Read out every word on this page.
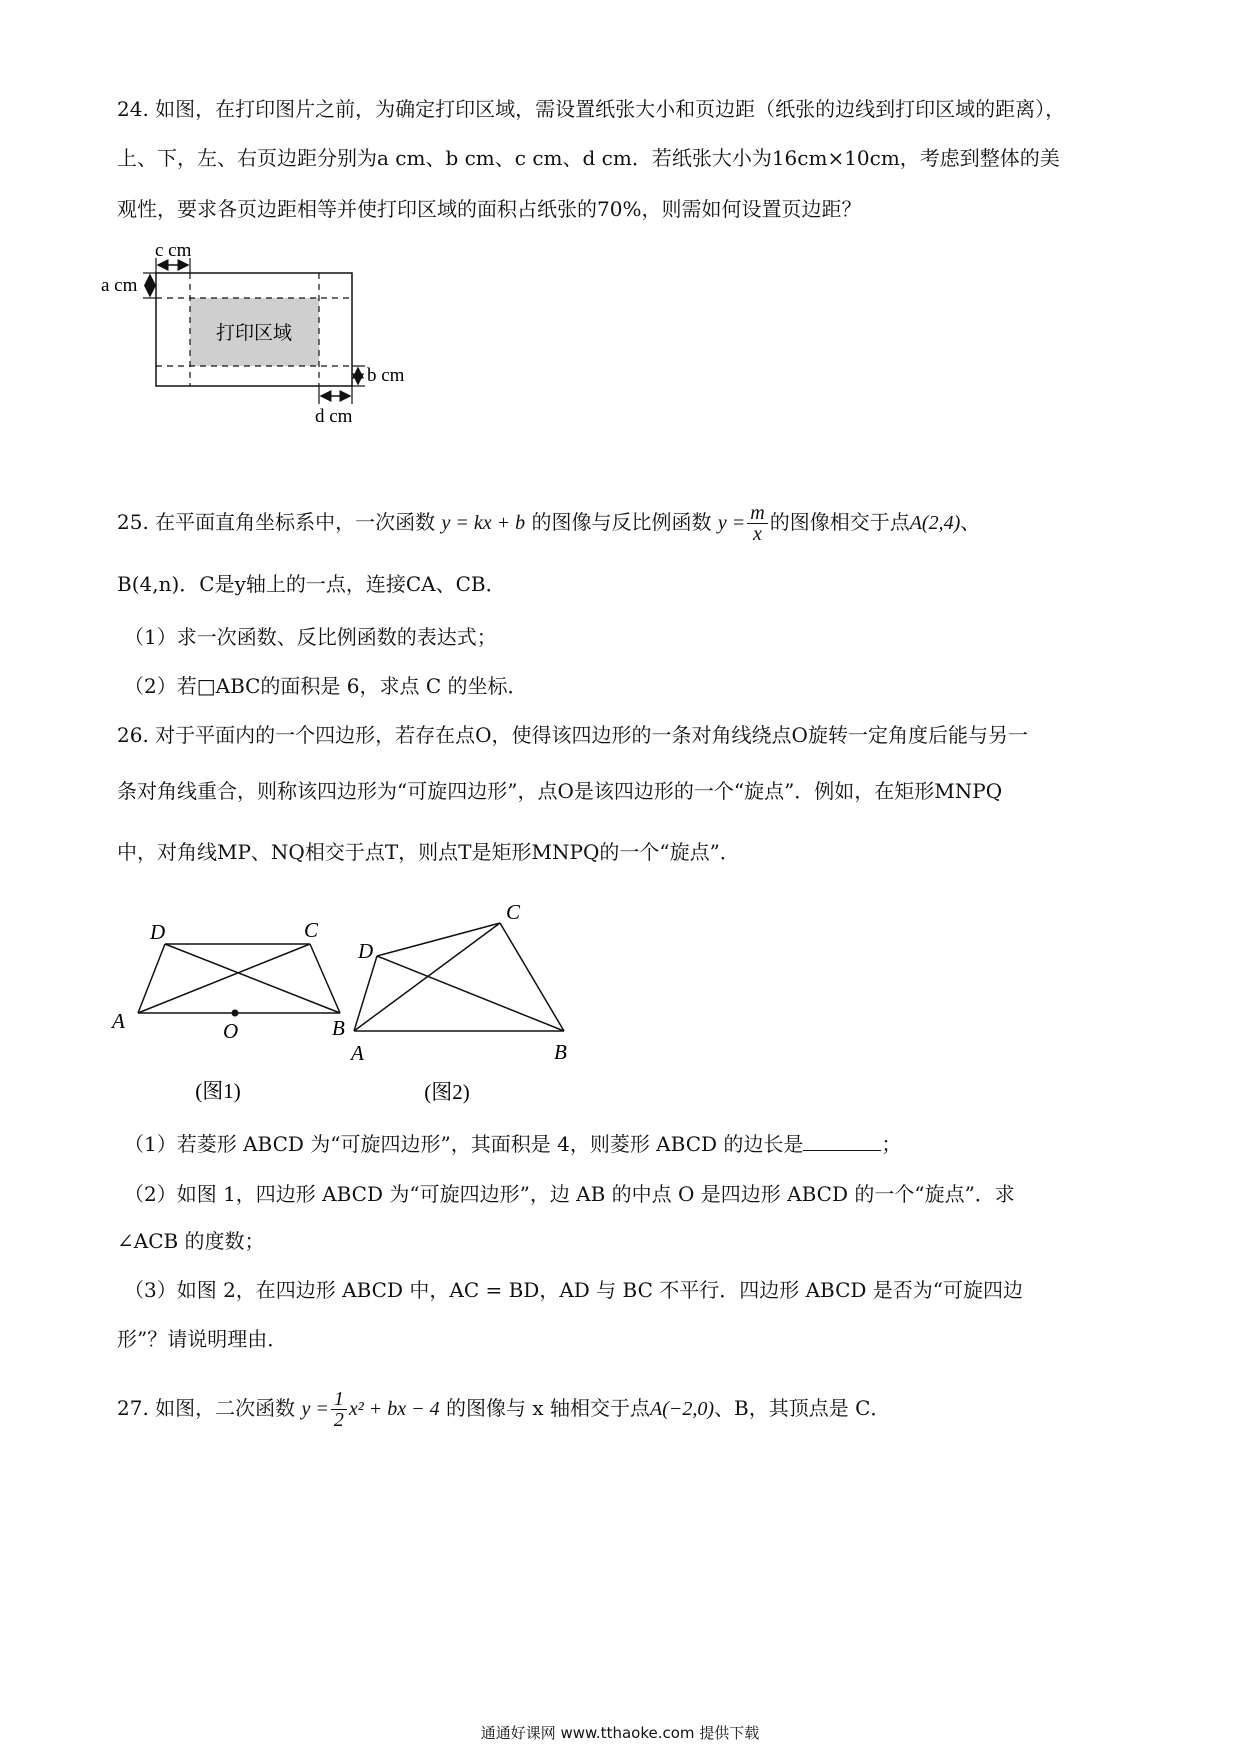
24. 如图，在打印图片之前，为确定打印区域，需设置纸张大小和页边距（纸张的边线到打印区域的距离），
上、下，左、右页边距分别为a cm、b cm、c cm、d cm．若纸张大小为16cm×10cm，考虑到整体的美
观性，要求各页边距相等并使打印区域的面积占纸张的70%，则需如何设置页边距？
c cm
a cm
b cm
d cm
打印区域
25. 在平面直角坐标系中，一次函数 y = kx + b 的图像与反比例函数 $y = \frac{m}{x}$ 的图像相交于点A(2,4)、
B(4,n)．C是y轴上的一点，连接CA、CB．
（1）求一次函数、反比例函数的表达式；
（2）若□ABC的面积是 6，求点 C 的坐标．
26. 对于平面内的一个四边形，若存在点O，使得该四边形的一条对角线绕点O旋转一定角度后能与另一
条对角线重合，则称该四边形为“可旋四边形”，点O是该四边形的一个“旋点”．例如，在矩形MNPQ
中，对角线MP、NQ相交于点T，则点T是矩形MNPQ的一个“旋点”．
D	C
A	O	B
(图1)
D
C
A	B
(图2)
（1）若菱形 ABCD 为“可旋四边形”，其面积是 4，则菱形 ABCD 的边长是	；
（2）如图 1，四边形 ABCD 为“可旋四边形”，边 AB 的中点 O 是四边形 ABCD 的一个“旋点”．求
∠ACB 的度数；
（3）如图 2，在四边形 ABCD 中，AC = BD，AD 与 BC 不平行．四边形 ABCD 是否为“可旋四边
形”？请说明理由．
27. 如图，二次函数 $y = \frac{1}{2} x^2$ + bx − 4 的图像与 x 轴相交于点A(−2,0)、B，其顶点是 C．
通通好课网 www.tthaoke.com 提供下载
